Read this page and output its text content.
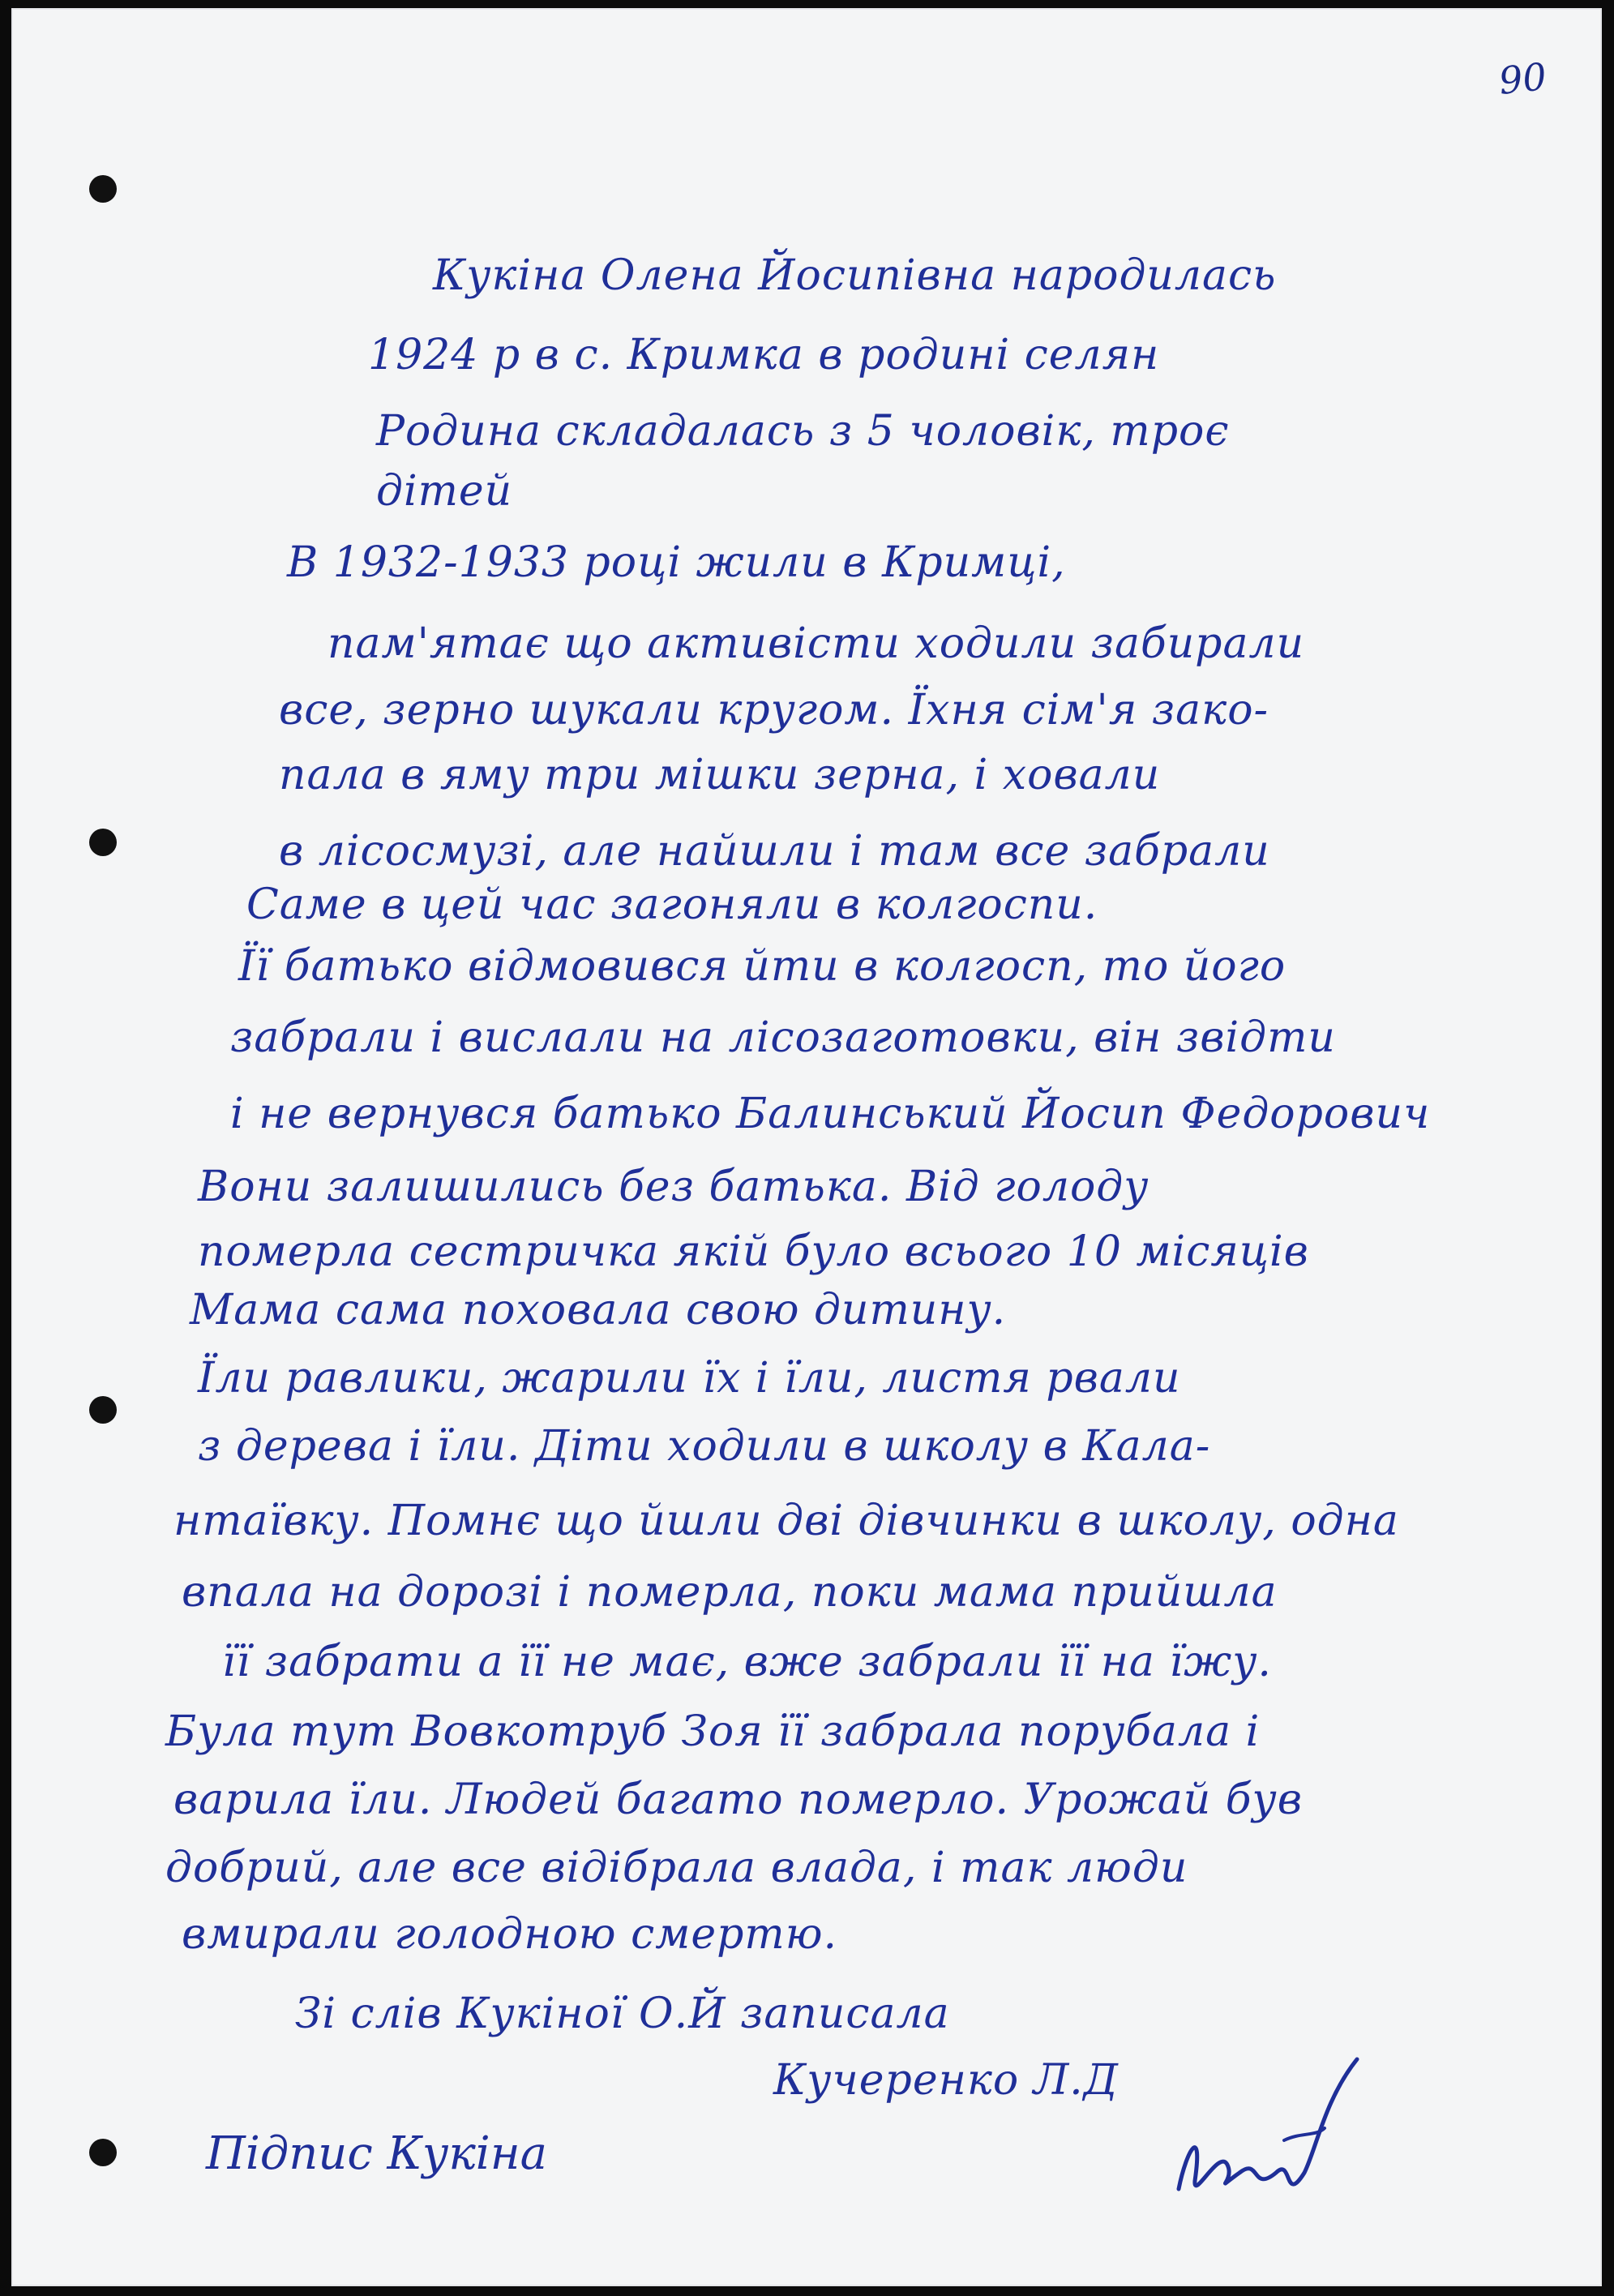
90
Кукіна Олена Йосипівна народилась
1924 р в с. Кримка в родині селян
Родина складалась з 5 чоловік, троє
дітей
В 1932-1933 році жили в Кримці,
пам'ятає що активісти ходили забирали
все, зерно шукали кругом. Їхня сім'я зако-
пала в яму три мішки зерна, і ховали
в лісосмузі, але найшли і там все забрали
Саме в цей час загоняли в колгоспи.
Її батько відмовився йти в колгосп, то його
забрали і вислали на лісозаготовки, він звідти
і не вернувся батько Балинський Йосип Федорович
Вони залишились без батька. Від голоду
померла сестричка якій було всього 10 місяців
Мама сама поховала свою дитину.
Їли равлики, жарили їх і їли, листя рвали
з дерева і їли. Діти ходили в школу в Кала-
нтаївку. Помнє що йшли дві дівчинки в школу, одна
впала на дорозі і померла, поки мама прийшла
її забрати а її не має, вже забрали її на їжу.
Була тут Вовкотруб Зоя її забрала порубала і
варила їли. Людей багато померло. Урожай був
добрий, але все відібрала влада, і так люди
вмирали голодною смертю.
Зі слів Кукіної О.Й записала
Кучеренко Л.Д
Підпис Кукіна
